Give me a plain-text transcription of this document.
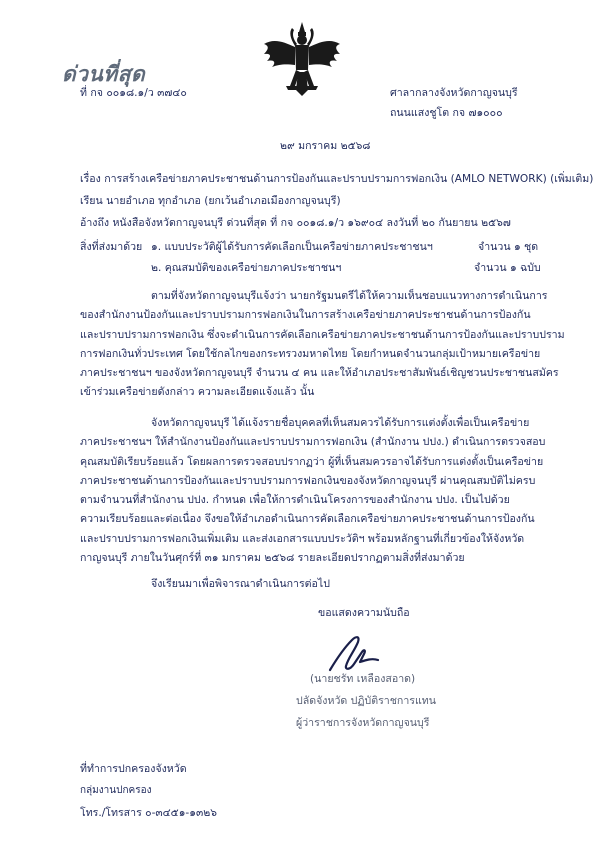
ด่วนที่สุด
ที่ กจ ๐๐๑๘.๑/ว ๓๗๔๐	ศาลากลางจังหวัดกาญจนบุรี
ถนนแสงชูโต กจ ๗๑๐๐๐
๒๙ มกราคม ๒๕๖๘
เรื่อง การสร้างเครือข่ายภาคประชาชนด้านการป้องกันและปราบปรามการฟอกเงิน (AMLO NETWORK) (เพิ่มเติม)
เรียน นายอำเภอ ทุกอำเภอ (ยกเว้นอำเภอเมืองกาญจนบุรี)
อ้างถึง หนังสือจังหวัดกาญจนบุรี ด่วนที่สุด ที่ กจ ๐๐๑๘.๑/ว ๑๖๙๐๔ ลงวันที่ ๒๐ กันยายน ๒๕๖๗
สิ่งที่ส่งมาด้วย ๑. แบบประวัติผู้ได้รับการคัดเลือกเป็นเครือข่ายภาคประชาชนฯ	จำนวน ๑ ชุด
๒. คุณสมบัติของเครือข่ายภาคประชาชนฯ	จำนวน ๑ ฉบับ
ตามที่จังหวัดกาญจนบุรีแจ้งว่า นายกรัฐมนตรีได้ให้ความเห็นชอบแนวทางการดำเนินการ
ของสำนักงานป้องกันและปราบปรามการฟอกเงินในการสร้างเครือข่ายภาคประชาชนด้านการป้องกัน
และปราบปรามการฟอกเงิน ซึ่งจะดำเนินการคัดเลือกเครือข่ายภาคประชาชนด้านการป้องกันและปราบปราม
การฟอกเงินทั่วประเทศ โดยใช้กลไกของกระทรวงมหาดไทย โดยกำหนดจำนวนกลุ่มเป้าหมายเครือข่าย
ภาคประชาชนฯ ของจังหวัดกาญจนบุรี จำนวน ๔ คน และให้อำเภอประชาสัมพันธ์เชิญชวนประชาชนสมัคร
เข้าร่วมเครือข่ายดังกล่าว ความละเอียดแจ้งแล้ว นั้น
จังหวัดกาญจนบุรี ได้แจ้งรายชื่อบุคคลที่เห็นสมควรได้รับการแต่งตั้งเพื่อเป็นเครือข่าย
ภาคประชาชนฯ ให้สำนักงานป้องกันและปราบปรามการฟอกเงิน (สำนักงาน ปปง.) ดำเนินการตรวจสอบ
คุณสมบัติเรียบร้อยแล้ว โดยผลการตรวจสอบปรากฏว่า ผู้ที่เห็นสมควรอาจได้รับการแต่งตั้งเป็นเครือข่าย
ภาคประชาชนด้านการป้องกันและปราบปรามการฟอกเงินของจังหวัดกาญจนบุรี ผ่านคุณสมบัติไม่ครบ
ตามจำนวนที่สำนักงาน ปปง. กำหนด เพื่อให้การดำเนินโครงการของสำนักงาน ปปง. เป็นไปด้วย
ความเรียบร้อยและต่อเนื่อง จึงขอให้อำเภอดำเนินการคัดเลือกเครือข่ายภาคประชาชนด้านการป้องกัน
และปราบปรามการฟอกเงินเพิ่มเติม และส่งเอกสารแบบประวัติฯ พร้อมหลักฐานที่เกี่ยวข้องให้จังหวัด
กาญจนบุรี ภายในวันศุกร์ที่ ๓๑ มกราคม ๒๕๖๘ รายละเอียดปรากฏตามสิ่งที่ส่งมาด้วย
จึงเรียนมาเพื่อพิจารณาดำเนินการต่อไป
ขอแสดงความนับถือ
(นายชรัท เหลืองสอาด)
ปลัดจังหวัด ปฏิบัติราชการแทน
ผู้ว่าราชการจังหวัดกาญจนบุรี
ที่ทำการปกครองจังหวัด
กลุ่มงานปกครอง
โทร./โทรสาร ๐-๓๔๕๑-๑๓๒๖
